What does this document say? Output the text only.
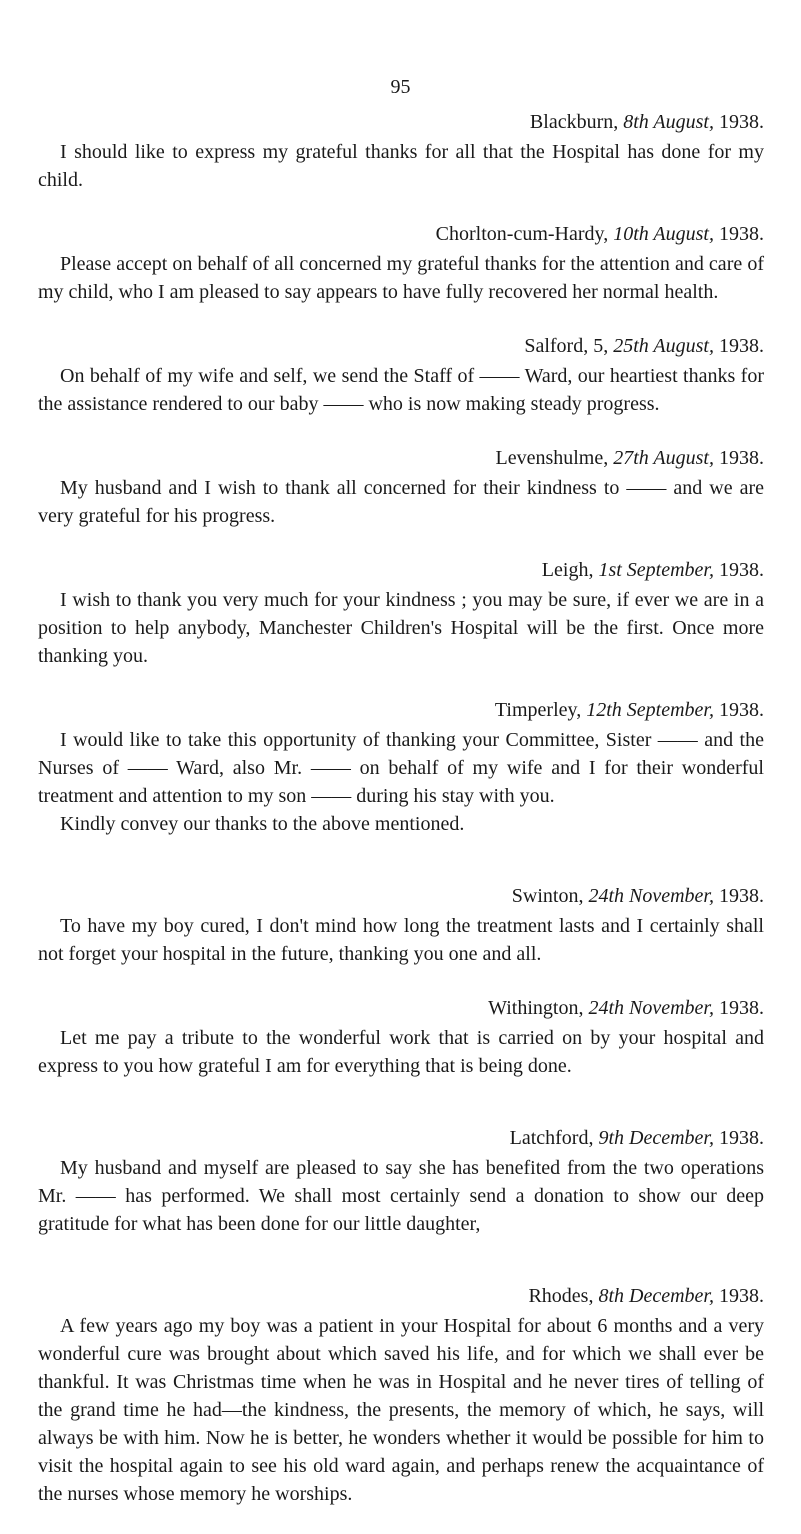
95

Blackburn, 8th August, 1938.

I should like to express my grateful thanks for all that the Hospital has done for my child.

Chorlton-cum-Hardy, 10th August, 1938.

Please accept on behalf of all concerned my grateful thanks for the attention and care of my child, who I am pleased to say appears to have fully recovered her normal health.

Salford, 5, 25th August, 1938.

On behalf of my wife and self, we send the Staff of —— Ward, our heartiest thanks for the assistance rendered to our baby —— who is now making steady progress.

Levenshulme, 27th August, 1938.

My husband and I wish to thank all concerned for their kindness to —— and we are very grateful for his progress.

Leigh, 1st September, 1938.

I wish to thank you very much for your kindness ; you may be sure, if ever we are in a position to help anybody, Manchester Children's Hospital will be the first. Once more thanking you.

Timperley, 12th September, 1938.

I would like to take this opportunity of thanking your Committee, Sister —— and the Nurses of —— Ward, also Mr. —— on behalf of my wife and I for their wonderful treatment and attention to my son —— during his stay with you.

Kindly convey our thanks to the above mentioned.

Swinton, 24th November, 1938.

To have my boy cured, I don't mind how long the treatment lasts and I certainly shall not forget your hospital in the future, thanking you one and all.

Withington, 24th November, 1938.

Let me pay a tribute to the wonderful work that is carried on by your hospital and express to you how grateful I am for everything that is being done.

Latchford, 9th December, 1938.

My husband and myself are pleased to say she has benefited from the two operations Mr. —— has performed. We shall most certainly send a donation to show our deep gratitude for what has been done for our little daughter,

Rhodes, 8th December, 1938.

A few years ago my boy was a patient in your Hospital for about 6 months and a very wonderful cure was brought about which saved his life, and for which we shall ever be thankful. It was Christmas time when he was in Hospital and he never tires of telling of the grand time he had—the kindness, the presents, the memory of which, he says, will always be with him. Now he is better, he wonders whether it would be possible for him to visit the hospital again to see his old ward again, and perhaps renew the acquaintance of the nurses whose memory he worships.
